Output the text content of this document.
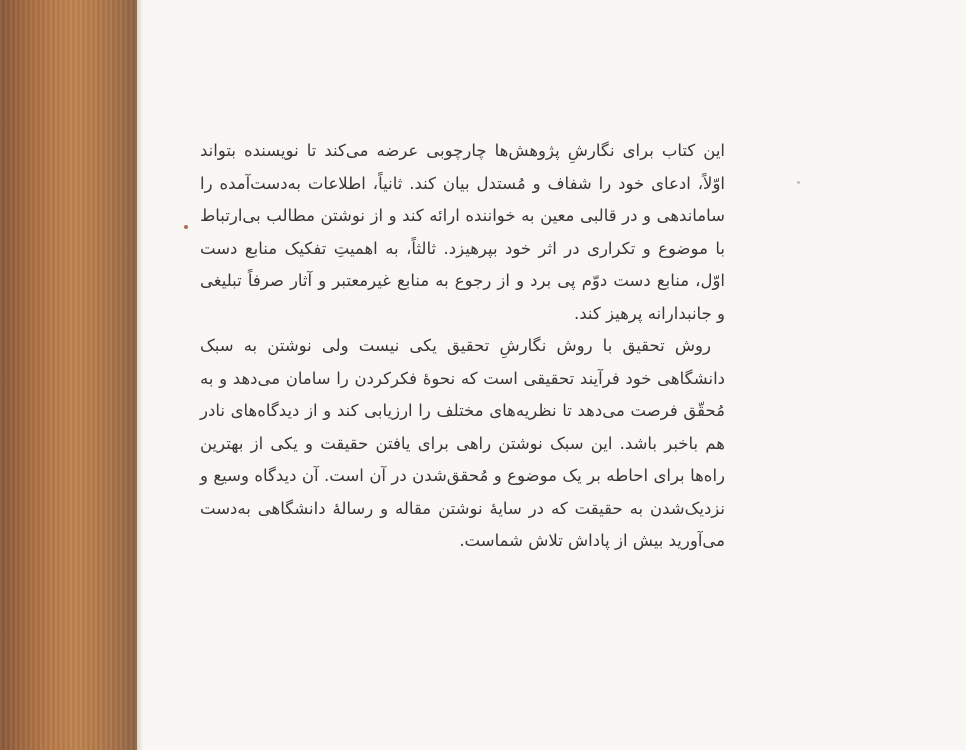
این کتاب برای نگارشِ پژوهش‌ها چارچوبی عرضه می‌کند تا نویسنده بتواند اوّلاً، ادعای خود را شفاف و مُستدل بیان کند. ثانیاً، اطلاعات به‌دست‌آمده را ساماندهی و در قالبی معین به خواننده ارائه کند و از نوشتن مطالب بی‌ارتباط با موضوع و تکراری در اثر خود بپرهیزد. ثالثاً، به اهمیتِ تفکیک منابع دست اوّل، منابع دست دوّم پی برد و از رجوع به منابع غیرمعتبر و آثار صرفاً تبلیغی و جانبدارانه پرهیز کند.

روش تحقیق با روش نگارشِ تحقیق یکی نیست ولی نوشتن به سبک دانشگاهی خود فرآیند تحقیقی است که نحوهٔ فکرکردن را سامان می‌دهد و به مُحقّق فرصت می‌دهد تا نظریه‌های مختلف را ارزیابی کند و از دیدگاه‌های نادر هم باخبر باشد. این سبک نوشتن راهی برای یافتن حقیقت و یکی از بهترین راه‌ها برای احاطه بر یک موضوع و مُحقق‌شدن در آن است. آن دیدگاه وسیع و نزدیک‌شدن به حقیقت که در سایهٔ نوشتن مقاله و رسالهٔ دانشگاهی به‌دست می‌آورید بیش از پاداش تلاش شماست.
